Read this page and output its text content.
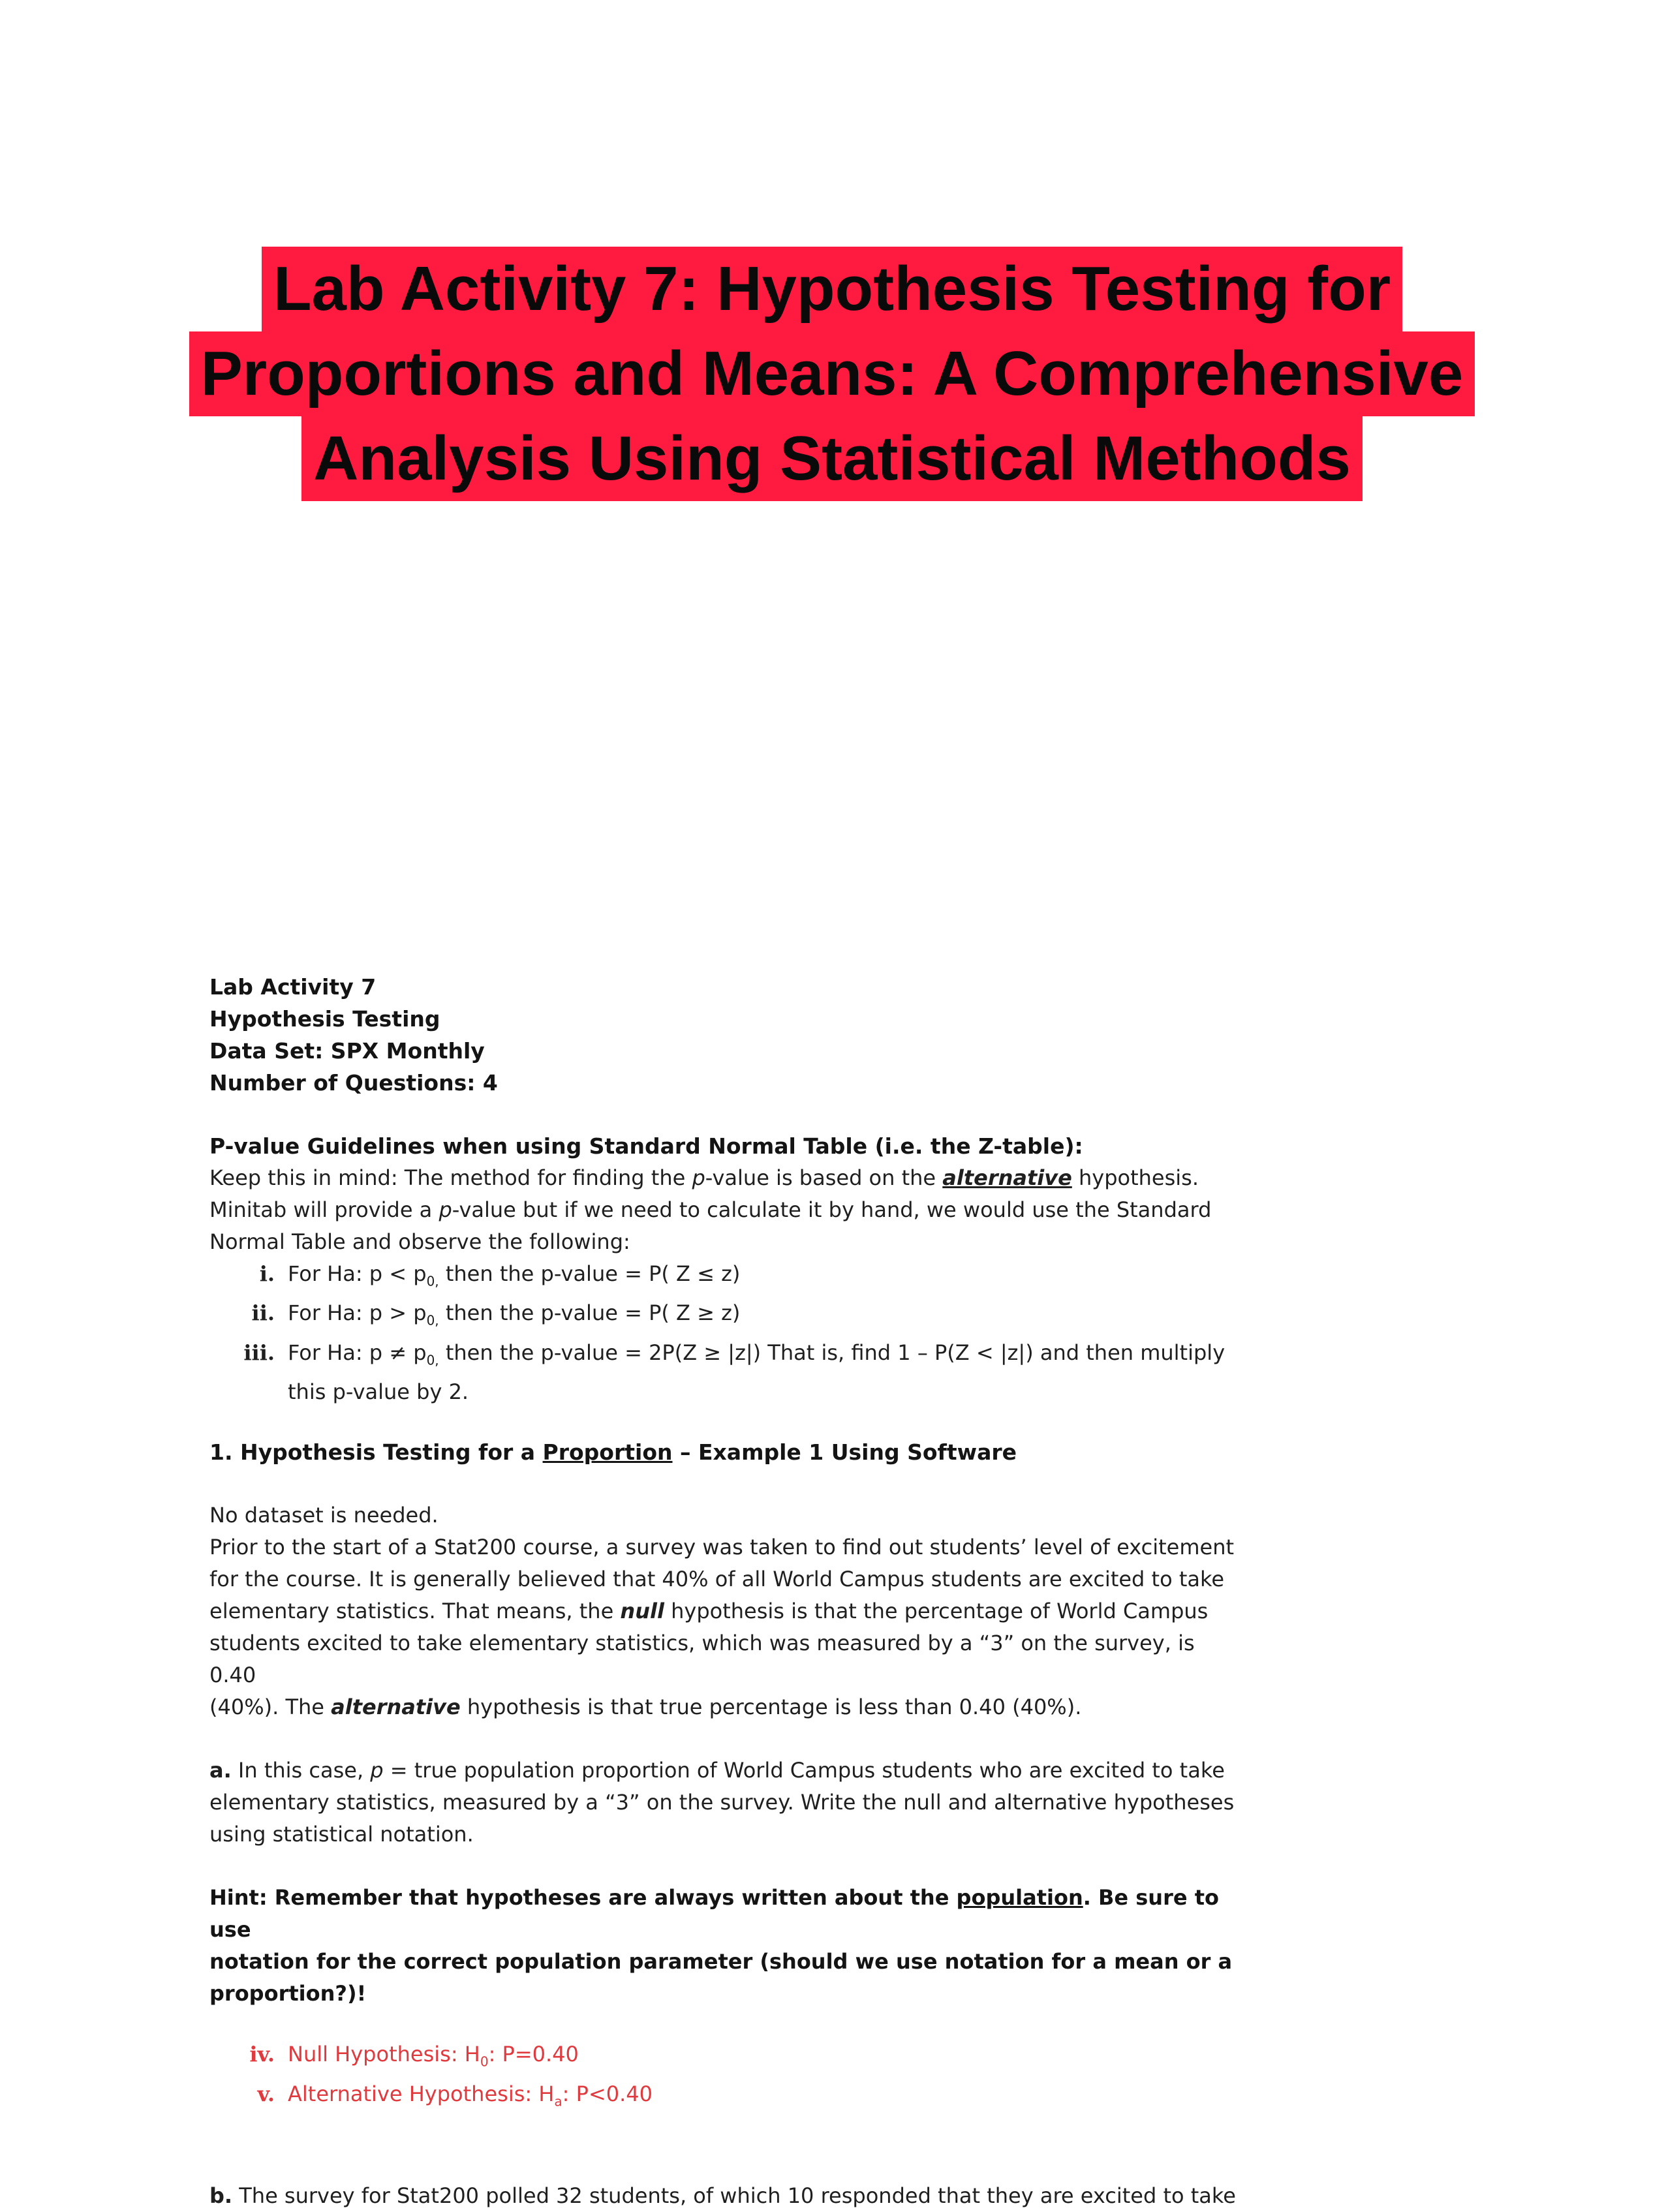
Lab Activity 7: Hypothesis Testing for
Proportions and Means: A Comprehensive
Analysis Using Statistical Methods
Lab Activity 7
Hypothesis Testing
Data Set: SPX Monthly
Number of Questions: 4
P-value Guidelines when using Standard Normal Table (i.e. the Z-table):
Keep this in mind: The method for finding the p-value is based on the alternative hypothesis.
Minitab will provide a p-value but if we need to calculate it by hand, we would use the Standard
Normal Table and observe the following:
i. For Ha: $p < p_{0,}$ then the p-value = P( Z ≤ z)
ii. For Ha: $p > p_{0,}$ then the p-value = P( Z ≥ z)
iii. For Ha: $p \ne p_{0,}$ then the p-value = 2P(Z ≥ |z|) That is, find 1 – P(Z < |z|) and then multiply
this p-value by 2.
1. Hypothesis Testing for a Proportion – Example 1 Using Software
No dataset is needed.
Prior to the start of a Stat200 course, a survey was taken to find out students’ level of excitement
for the course. It is generally believed that 40% of all World Campus students are excited to take
elementary statistics. That means, the null hypothesis is that the percentage of World Campus
students excited to take elementary statistics, which was measured by a “3” on the survey, is 0.40
(40%). The alternative hypothesis is that true percentage is less than 0.40 (40%).
a. In this case, p = true population proportion of World Campus students who are excited to take
elementary statistics, measured by a “3” on the survey. Write the null and alternative hypotheses
using statistical notation.
Hint: Remember that hypotheses are always written about the population. Be sure to use
notation for the correct population parameter (should we use notation for a mean or a
proportion?)!
iv. Null Hypothesis: $H_0$: P=0.40
v. Alternative Hypothesis: $H_a$: P<0.40
b. The survey for Stat200 polled 32 students, of which 10 responded that they are excited to take
